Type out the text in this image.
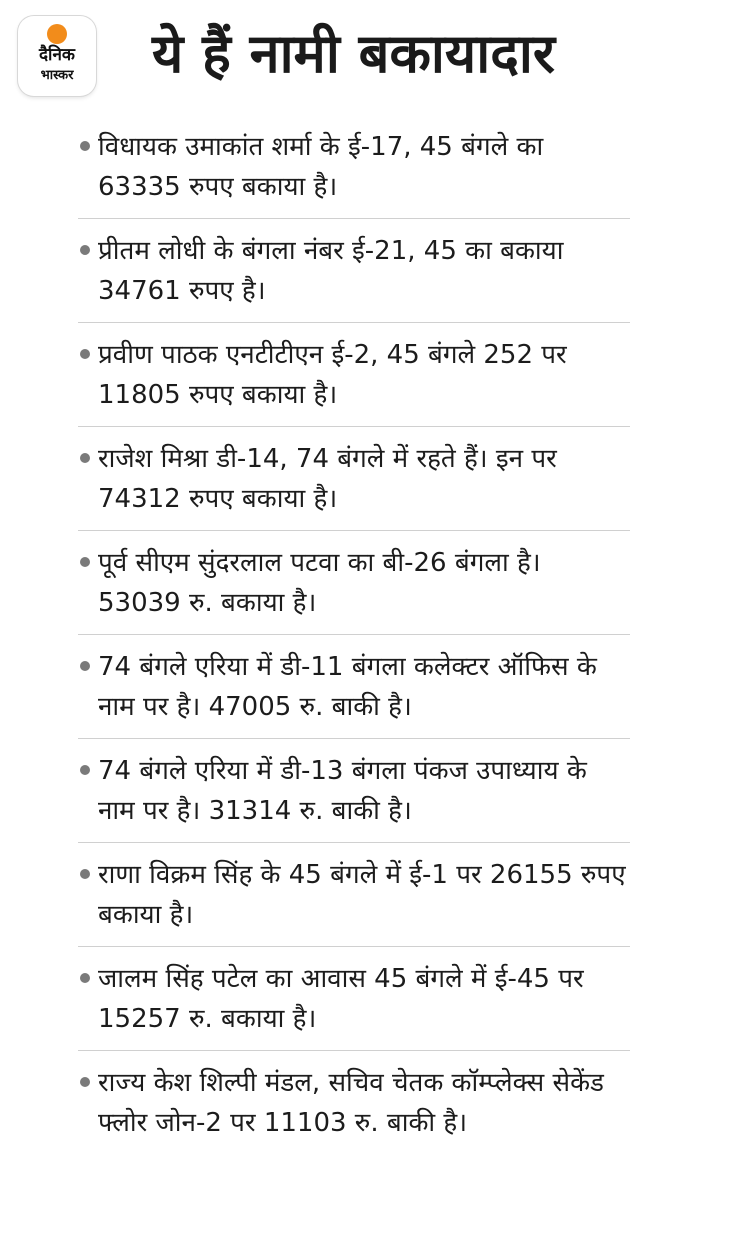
दैनिक
भास्कर	ये हैं नामी बकायादार
विधायक उमाकांत शर्मा के ई-17, 45 बंगले का 63335 रुपए बकाया है।
प्रीतम लोधी के बंगला नंबर ई-21, 45 का बकाया 34761 रुपए है।
प्रवीण पाठक एनटीटीएन ई-2, 45 बंगले 252 पर 11805 रुपए बकाया है।
राजेश मिश्रा डी-14, 74 बंगले में रहते हैं। इन पर 74312 रुपए बकाया है।
पूर्व सीएम सुंदरलाल पटवा का बी-26 बंगला है। 53039 रु. बकाया है।
74 बंगले एरिया में डी-11 बंगला कलेक्टर ऑफिस के नाम पर है। 47005 रु. बाकी है।
74 बंगले एरिया में डी-13 बंगला पंकज उपाध्याय के नाम पर है। 31314 रु. बाकी है।
राणा विक्रम सिंह के 45 बंगले में ई-1 पर 26155 रुपए बकाया है।
जालम सिंह पटेल का आवास 45 बंगले में ई-45 पर 15257 रु. बकाया है।
राज्य केश शिल्पी मंडल, सचिव चेतक कॉम्प्लेक्स सेकेंड फ्लोर जोन-2 पर 11103 रु. बाकी है।
